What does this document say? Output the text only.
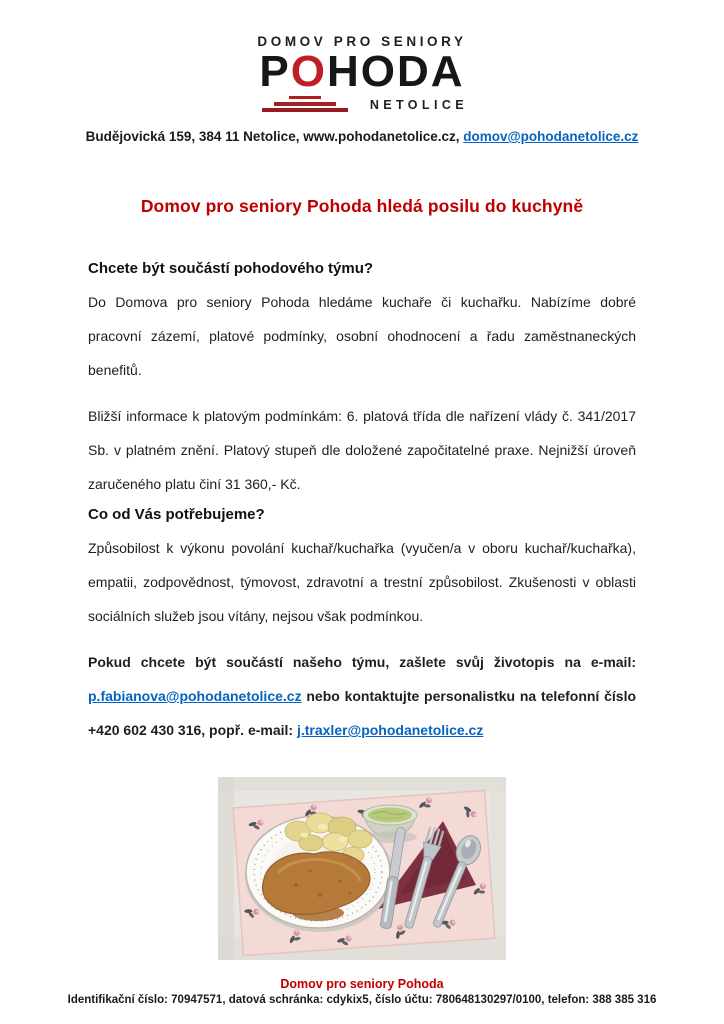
DOMOV PRO SENIORY
POHODA
NETOLICE
Budějovická 159, 384 11 Netolice, www.pohodanetolice.cz, domov@pohodanetolice.cz
Domov pro seniory Pohoda hledá posilu do kuchyně
Chcete být součástí pohodového týmu?
Do Domova pro seniory Pohoda hledáme kuchaře či kuchařku. Nabízíme dobré pracovní zázemí, platové podmínky, osobní ohodnocení a řadu zaměstnaneckých benefitů.
Bližší informace k platovým podmínkám: 6. platová třída dle nařízení vlády č. 341/2017 Sb. v platném znění. Platový stupeň dle doložené započitatelné praxe. Nejnižší úroveň zaručeného platu činí 31 360,- Kč.
Co od Vás potřebujeme?
Způsobilost k výkonu povolání kuchař/kuchařka (vyučen/a v oboru kuchař/kuchařka), empatii, zodpovědnost, týmovost, zdravotní a trestní způsobilost. Zkušenosti v oblasti sociálních služeb jsou vítány, nejsou však podmínkou.
Pokud chcete být součástí našeho týmu, zašlete svůj životopis na e-mail: p.fabianova@pohodanetolice.cz nebo kontaktujte personalistku na telefonní číslo +420 602 430 316, popř. e-mail: j.traxler@pohodanetolice.cz
Domov pro seniory Pohoda
Identifikační číslo: 70947571, datová schránka: cdykix5, číslo účtu: 780648130297/0100, telefon: 388 385 316
